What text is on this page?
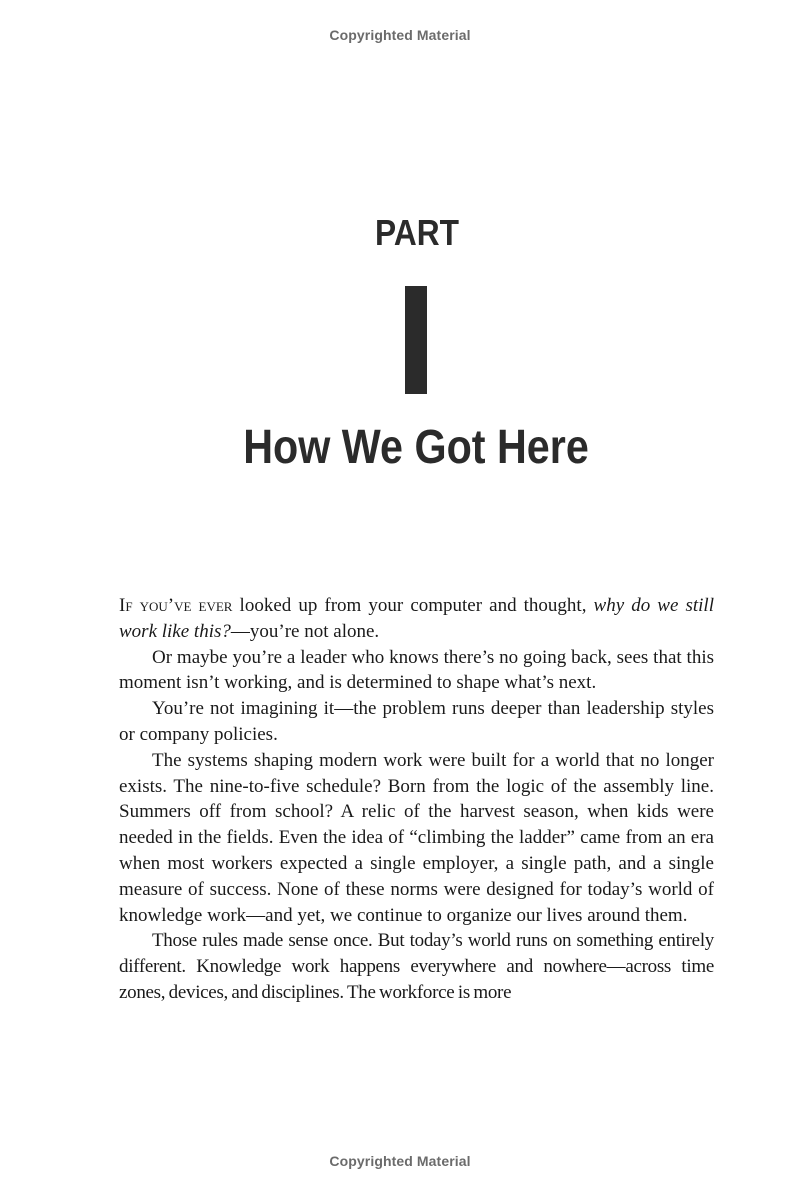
Copyrighted Material
PART
How We Got Here

If you’ve ever looked up from your computer and thought, why do we still work like this?—you’re not alone.

Or maybe you’re a leader who knows there’s no going back, sees that this moment isn’t working, and is determined to shape what’s next.

You’re not imagining it—the problem runs deeper than leadership styles or company policies.

The systems shaping modern work were built for a world that no longer exists. The nine-to-five schedule? Born from the logic of the assembly line. Summers off from school? A relic of the harvest season, when kids were needed in the fields. Even the idea of “climbing the ladder” came from an era when most workers expected a single employer, a single path, and a single measure of success. None of these norms were designed for today’s world of knowledge work—and yet, we continue to organize our lives around them.

Those rules made sense once. But today’s world runs on something entirely different. Knowledge work happens everywhere and nowhere—across time zones, devices, and disciplines. The workforce is more

Copyrighted Material
